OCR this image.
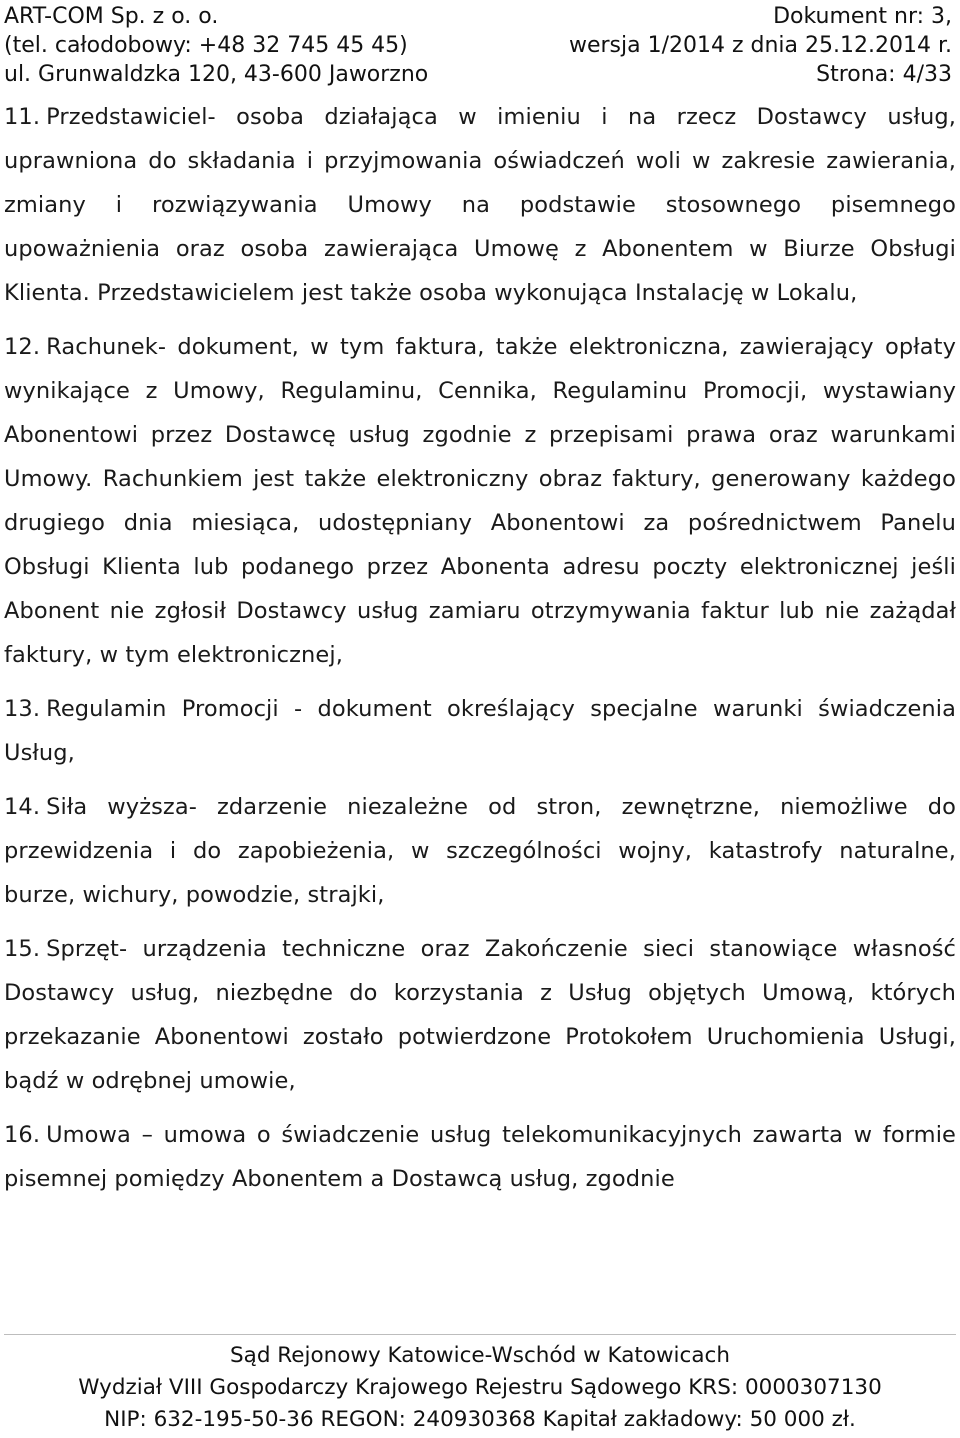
ART-COM Sp. z o. o.	Dokument nr: 3,
(tel. całodobowy: +48 32 745 45 45)	wersja 1/2014 z dnia 25.12.2014 r.
ul. Grunwaldzka 120, 43-600 Jaworzno	Strona: 4/33

11. Przedstawiciel- osoba działająca w imieniu i na rzecz Dostawcy usług, uprawniona do składania i przyjmowania oświadczeń woli w zakresie zawierania, zmiany i rozwiązywania Umowy na podstawie stosownego pisemnego upoważnienia oraz osoba zawierająca Umowę z Abonentem w Biurze Obsługi Klienta. Przedstawicielem jest także osoba wykonująca Instalację w Lokalu,

12. Rachunek- dokument, w tym faktura, także elektroniczna, zawierający opłaty wynikające z Umowy, Regulaminu, Cennika, Regulaminu Promocji, wystawiany Abonentowi przez Dostawcę usług zgodnie z przepisami prawa oraz warunkami Umowy. Rachunkiem jest także elektroniczny obraz faktury, generowany każdego drugiego dnia miesiąca, udostępniany Abonentowi za pośrednictwem Panelu Obsługi Klienta lub podanego przez Abonenta adresu poczty elektronicznej jeśli Abonent nie zgłosił Dostawcy usług zamiaru otrzymywania faktur lub nie zażądał faktury, w tym elektronicznej,

13. Regulamin Promocji - dokument określający specjalne warunki świadczenia Usług,

14. Siła wyższa- zdarzenie niezależne od stron, zewnętrzne, niemożliwe do przewidzenia i do zapobieżenia, w szczególności wojny, katastrofy naturalne, burze, wichury, powodzie, strajki,

15. Sprzęt- urządzenia techniczne oraz Zakończenie sieci stanowiące własność Dostawcy usług, niezbędne do korzystania z Usług objętych Umową, których przekazanie Abonentowi zostało potwierdzone Protokołem Uruchomienia Usługi, bądź w odrębnej umowie,

16. Umowa – umowa o świadczenie usług telekomunikacyjnych zawarta w formie pisemnej pomiędzy Abonentem a Dostawcą usług, zgodnie

Sąd Rejonowy Katowice-Wschód w Katowicach
Wydział VIII Gospodarczy Krajowego Rejestru Sądowego KRS: 0000307130
NIP: 632-195-50-36 REGON: 240930368 Kapitał zakładowy: 50 000 zł.
